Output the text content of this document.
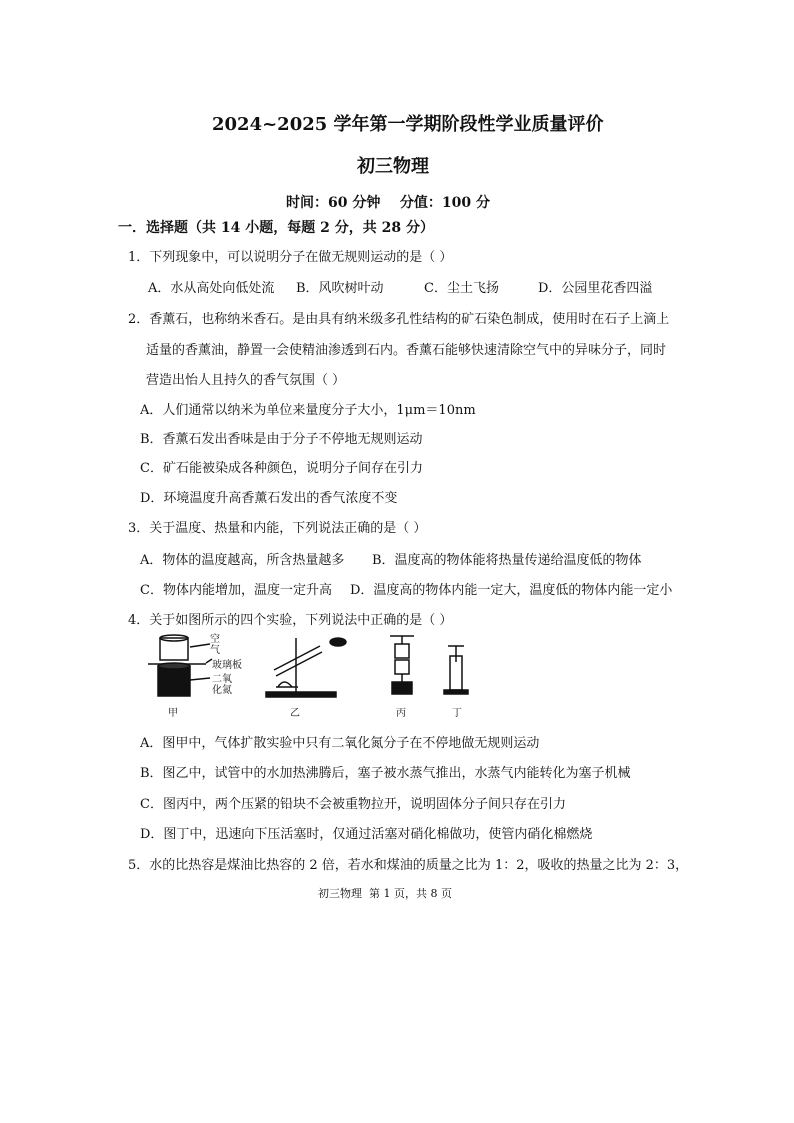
2024~2025 学年第一学期阶段性学业质量评价
初三物理
时间：60 分钟    分值：100 分
一．选择题（共 14 小题，每题 2 分，共 28 分）
1．下列现象中，可以说明分子在做无规则运动的是（ ）
A．水从高处向低处流 B．风吹树叶动	C．尘土飞扬	D．公园里花香四溢
2．香薰石，也称纳米香石。是由具有纳米级多孔性结构的矿石染色制成，使用时在石子上滴上
适量的香薰油，静置一会使精油渗透到石内。香薰石能够快速清除空气中的异味分子，同时
营造出怡人且持久的香气氛围（ ）
A．人们通常以纳米为单位来量度分子大小，1μm＝10nm
B．香薰石发出香味是由于分子不停地无规则运动
C．矿石能被染成各种颜色，说明分子间存在引力
D．环境温度升高香薰石发出的香气浓度不变
3．关于温度、热量和内能，下列说法正确的是（ ）
A．物体的温度越高，所含热量越多 B．温度高的物体能将热量传递给温度低的物体
C．物体内能增加，温度一定升高 D．温度高的物体内能一定大，温度低的物体内能一定小
4．关于如图所示的四个实验，下列说法中正确的是（ ）
空气
玻璃板
二氧
化氮
甲	乙	丙	丁
A．图甲中，气体扩散实验中只有二氧化氮分子在不停地做无规则运动
B．图乙中，试管中的水加热沸腾后，塞子被水蒸气推出，水蒸气内能转化为塞子机械
C．图丙中，两个压紧的铅块不会被重物拉开，说明固体分子间只存在引力
D．图丁中，迅速向下压活塞时，仅通过活塞对硝化棉做功，使管内硝化棉燃烧
5．水的比热容是煤油比热容的 2 倍，若水和煤油的质量之比为 1：2，吸收的热量之比为 2：3，
初三物理  第 1 页，共 8 页
